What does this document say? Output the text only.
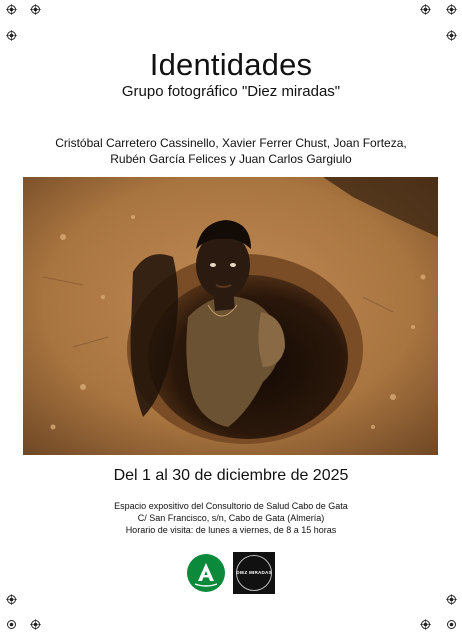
Identidades
Grupo fotográfico "Diez miradas"
Cristóbal Carretero Cassinello, Xavier Ferrer Chust, Joan Forteza,
Rubén García Felices y Juan Carlos Gargiulo
Del 1 al 30 de diciembre de 2025
Espacio expositivo del Consultorio de Salud Cabo de Gata
C/ San Francisco, s/n, Cabo de Gata (Almería)
Horario de visita: de lunes a viernes, de 8 a 15 horas
DIEZ MIRADAS
